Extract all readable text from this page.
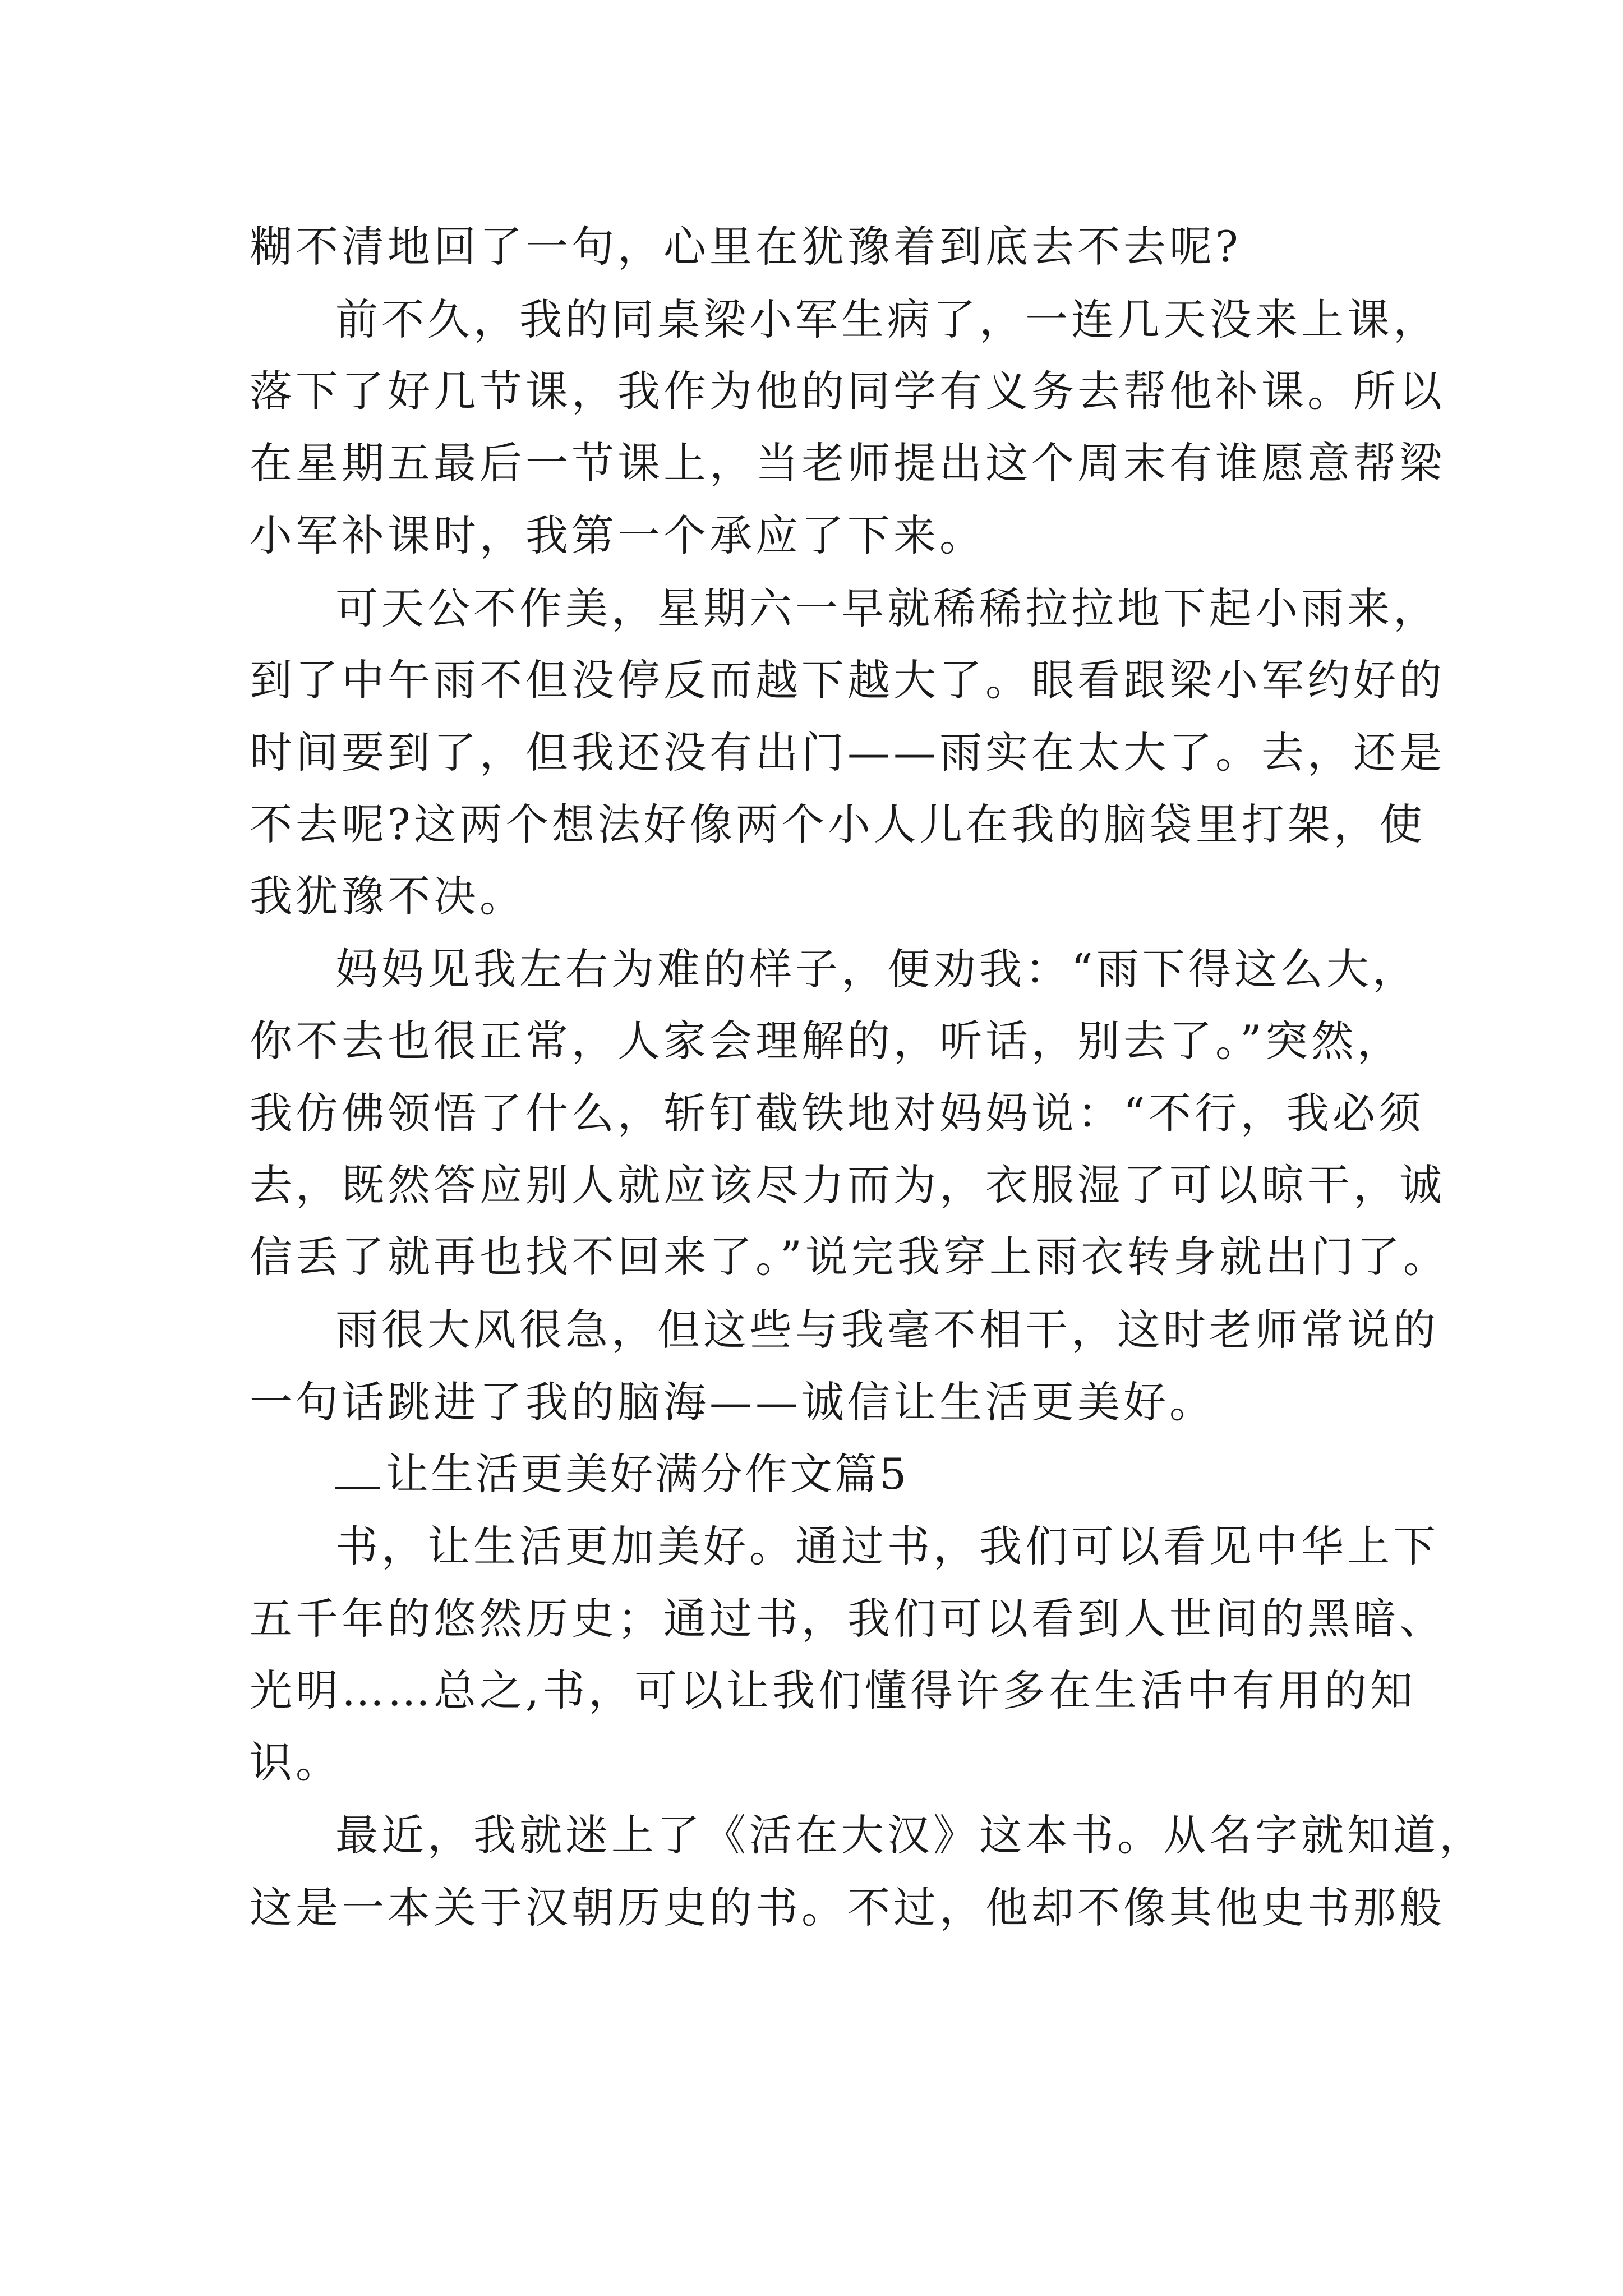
糊不清地回了一句，心里在犹豫着到底去不去呢?
前不久，我的同桌梁小军生病了，一连几天没来上课，
落下了好几节课，我作为他的同学有义务去帮他补课。所以
在星期五最后一节课上，当老师提出这个周末有谁愿意帮梁
小军补课时，我第一个承应了下来。
可天公不作美，星期六一早就稀稀拉拉地下起小雨来，
到了中午雨不但没停反而越下越大了。眼看跟梁小军约好的
时间要到了，但我还没有出门——雨实在太大了。去，还是
不去呢?这两个想法好像两个小人儿在我的脑袋里打架，使
我犹豫不决。
妈妈见我左右为难的样子，便劝我：“雨下得这么大，
你不去也很正常，人家会理解的，听话，别去了。”突然，
我仿佛领悟了什么，斩钉截铁地对妈妈说：“不行，我必须
去，既然答应别人就应该尽力而为，衣服湿了可以晾干，诚
信丢了就再也找不回来了。”说完我穿上雨衣转身就出门了。
雨很大风很急，但这些与我毫不相干，这时老师常说的
一句话跳进了我的脑海——诚信让生活更美好。
让生活更美好满分作文篇5
书，让生活更加美好。通过书，我们可以看见中华上下
五千年的悠然历史；通过书，我们可以看到人世间的黑暗、
光明……总之,书，可以让我们懂得许多在生活中有用的知
识。
最近，我就迷上了《活在大汉》这本书。从名字就知道，
这是一本关于汉朝历史的书。不过，他却不像其他史书那般
